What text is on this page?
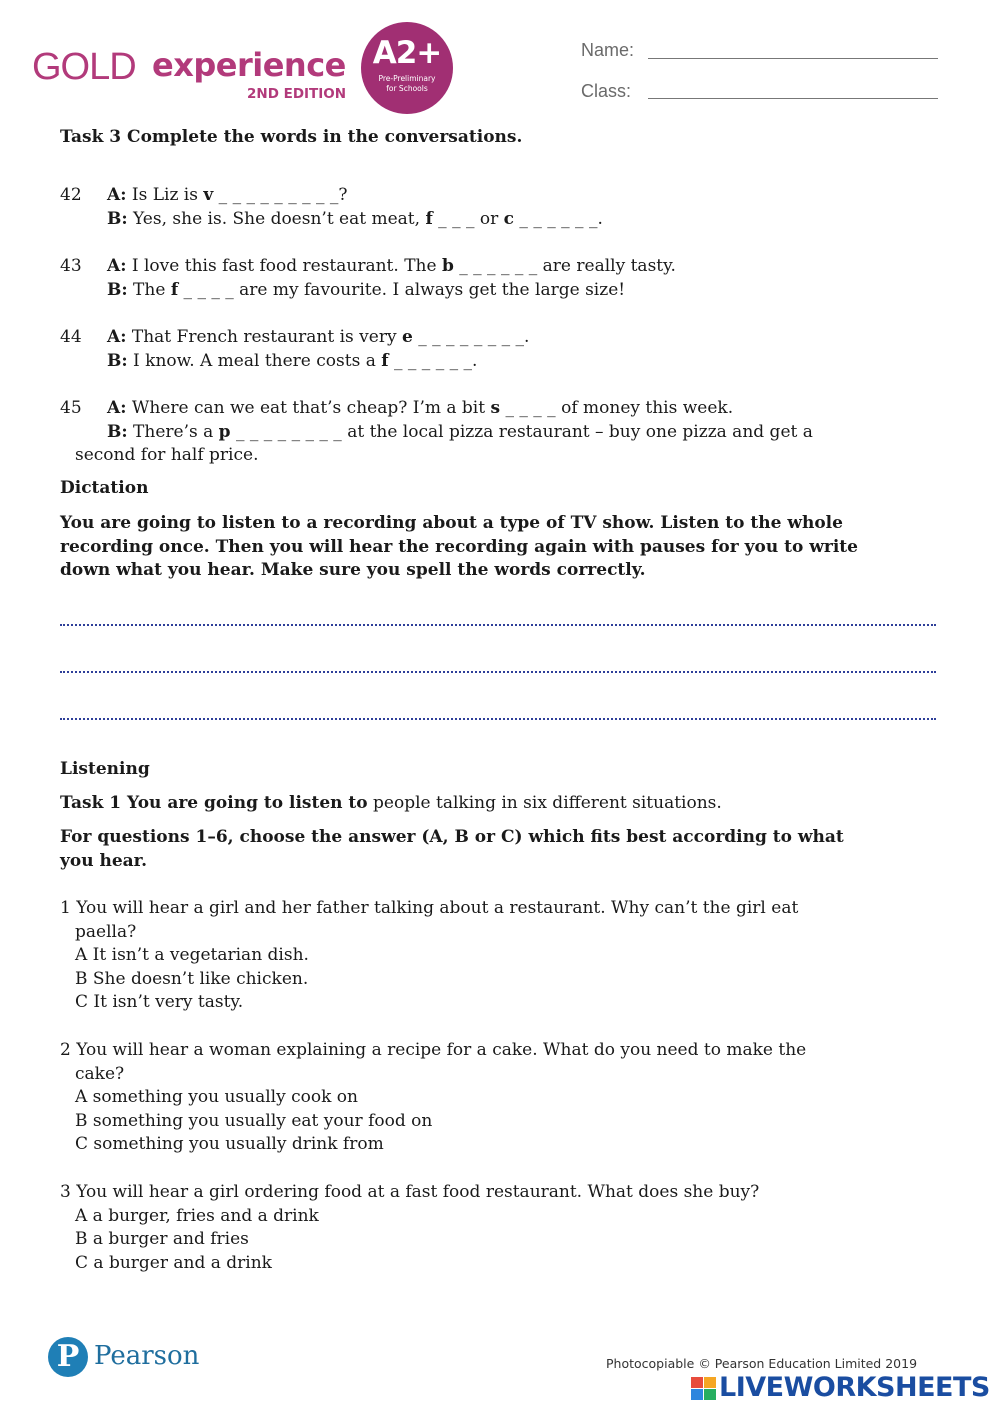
GOLD experience
2ND EDITION
A2+
Pre-Preliminary for Schools
Name:
Class:
Task 3 Complete the words in the conversations.
42 A: Is Liz is v _ _ _ _ _ _ _ _ _?
B: Yes, she is. She doesn’t eat meat, f _ _ _ or c _ _ _ _ _ _.
43 A: I love this fast food restaurant. The b _ _ _ _ _ _ are really tasty.
B: The f _ _ _ _ are my favourite. I always get the large size!
44 A: That French restaurant is very e _ _ _ _ _ _ _ _.
B: I know. A meal there costs a f _ _ _ _ _ _.
45 A: Where can we eat that’s cheap? I’m a bit s _ _ _ _ of money this week.
B: There’s a p _ _ _ _ _ _ _ _ at the local pizza restaurant – buy one pizza and get a
second for half price.
Dictation
You are going to listen to a recording about a type of TV show. Listen to the whole
recording once. Then you will hear the recording again with pauses for you to write
down what you hear. Make sure you spell the words correctly.
Listening
Task 1 You are going to listen to people talking in six different situations.
For questions 1–6, choose the answer (A, B or C) which fits best according to what
you hear.
1 You will hear a girl and her father talking about a restaurant. Why can’t the girl eat
paella?
A It isn’t a vegetarian dish.
B She doesn’t like chicken.
C It isn’t very tasty.
2 You will hear a woman explaining a recipe for a cake. What do you need to make the
cake?
A something you usually cook on
B something you usually eat your food on
C something you usually drink from
3 You will hear a girl ordering food at a fast food restaurant. What does she buy?
A a burger, fries and a drink
B a burger and fries
C a burger and a drink
P Pearson	Photocopiable © Pearson Education Limited 2019
LIVEWORKSHEETS
